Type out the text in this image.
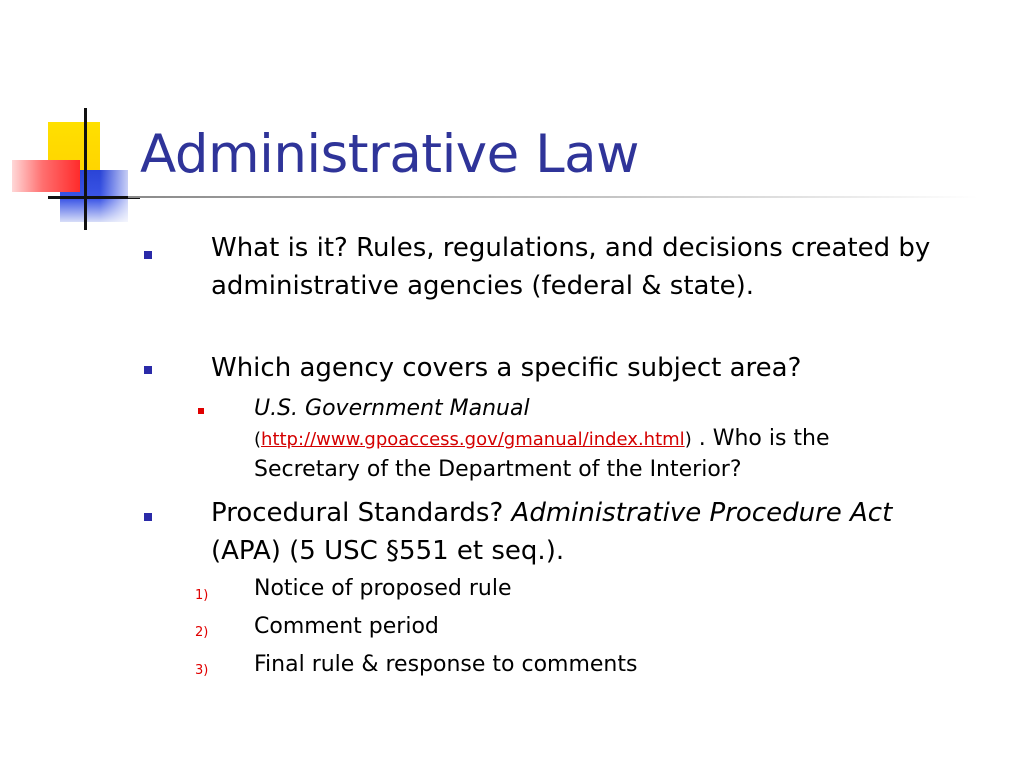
Administrative Law
What is it? Rules, regulations, and decisions created by administrative agencies (federal & state).
Which agency covers a specific subject area?
U.S. Government Manual
(http://www.gpoaccess.gov/gmanual/index.html) . Who is the
Secretary of the Department of the Interior?
Procedural Standards? Administrative Procedure Act
(APA) (5 USC §551 et seq.).
1) Notice of proposed rule
2) Comment period
3) Final rule & response to comments
